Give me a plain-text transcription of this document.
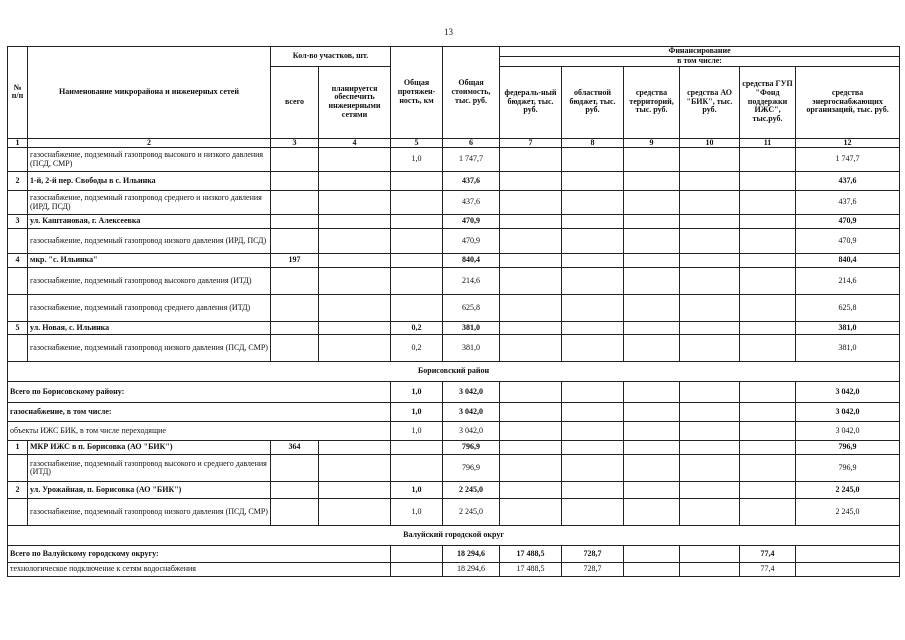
13
№ п/п	Наименование микрорайона и инженерных сетей	Кол-во участков, шт.		Общая протяжен-ность, км	Общая стоимость, тыс. руб.	Финансирование					
						в том числе:					
		всего	планируется обеспечить инженерными сетями			федераль-ный бюджет, тыс. руб.	областной бюджет, тыс. руб.	средства территорий, тыс. руб.	средства АО "БИК", тыс. руб.	средства ГУП "Фонд поддержки ИЖС", тыс.руб.	средства энергоснабжающих организаций, тыс. руб.
1	2	3	4	5	6	7	8	9	10	11	12
	газоснабжение, подземный газопровод высокого и низкого давления (ПСД, СМР)			1,0	1 747,7						1 747,7
2	1-й, 2-й пер. Свободы в с. Ильинка				437,6						437,6
	газоснабжение, подземный газопровод среднего и низкого давления (ИРД, ПСД)				437,6						437,6
3	ул. Каштановая, г. Алексеевка				470,9						470,9
	газоснабжение, подземный газопровод низкого давления (ИРД, ПСД)				470,9						470,9
4	мкр. "с. Ильинка"	197			840,4						840,4
	газоснабжение, подземный газопровод высокого давления (ИТД)				214,6						214,6
	газоснабжение, подземный газопровод среднего давления (ИТД)				625,8						625,8
5	ул. Новая, с. Ильинка			0,2	381,0						381,0
	газоснабжение, подземный газопровод низкого давления (ПСД, СМР)			0,2	381,0						381,0
Борисовский район											
Всего по Борисовскому району:				1,0	3 042,0						3 042,0
газоснабжение, в том числе:				1,0	3 042,0						3 042,0
объекты ИЖС БИК, в том числе переходящие				1,0	3 042,0						3 042,0
1	МКР ИЖС в п. Борисовка (АО "БИК")	364			796,9						796,9
	газоснабжение, подземный газопровод высокого и среднего давления (ИТД)				796,9						796,9
2	ул. Урожайная, п. Борисовка (АО "БИК")			1,0	2 245,0						2 245,0
	газоснабжение, подземный газопровод низкого давления (ПСД, СМР)			1,0	2 245,0						2 245,0
Валуйский городской округ											
Всего по Валуйскому городскому округу:					18 294,6	17 488,5	728,7			77,4	
технологическое подключение к сетям водоснабжения					18 294,6	17 488,5	728,7			77,4	
